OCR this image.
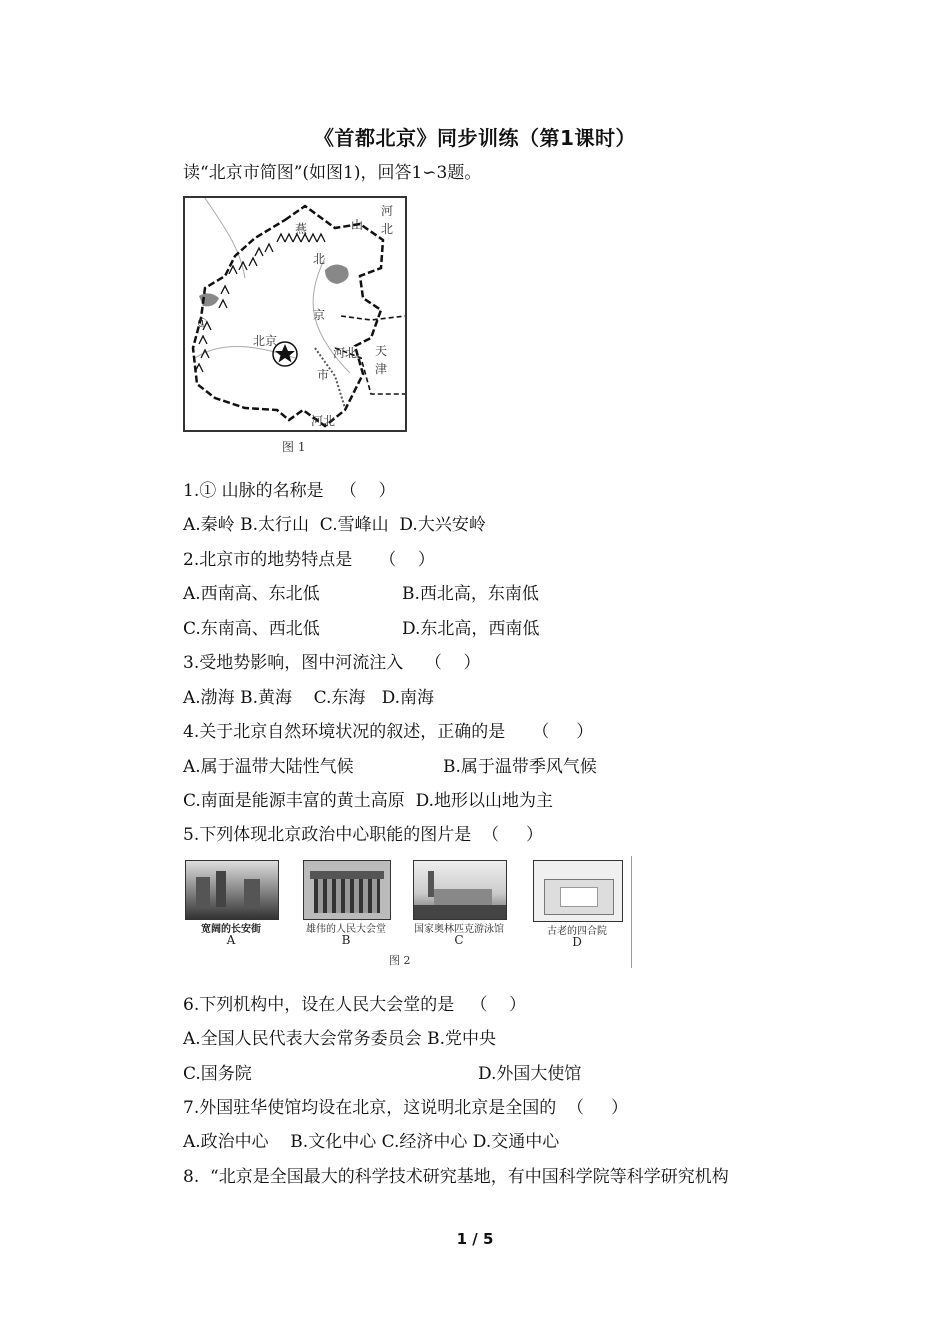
《首都北京》同步训练（第1课时）
读“北京市简图”(如图1)，回答1∽3题。
河
北
燕	山
北
京
①
北京
河北 天
津
市
河北
图 1
1.① 山脉的名称是   （    ）
A.秦岭 B.太行山  C.雪峰山  D.大兴安岭
2.北京市的地势特点是     （    ）
A.西南高、东北低	B.西北高，东南低
C.东南高、西北低	D.东北高，西南低
3.受地势影响，图中河流注入    （    ）
A.渤海 B.黄海    C.东海   D.南海
4.关于北京自然环境状况的叙述，正确的是     （     ）
A.属于温带大陆性气候	B.属于温带季风气候
C.南面是能源丰富的黄土高原  D.地形以山地为主
5.下列体现北京政治中心职能的图片是  （     ）
宽阔的长安街
A
雄伟的人民大会堂
B
国家奥林匹克游泳馆
C
古老的四合院
D
图 2
6.下列机构中，设在人民大会堂的是   （    ）
A.全国人民代表大会常务委员会 B.党中央
C.国务院	D.外国大使馆
7.外国驻华使馆均设在北京，这说明北京是全国的  （     ）
A.政治中心    B.文化中心 C.经济中心 D.交通中心
8.  “北京是全国最大的科学技术研究基地，有中国科学院等科学研究机构
1 / 5
